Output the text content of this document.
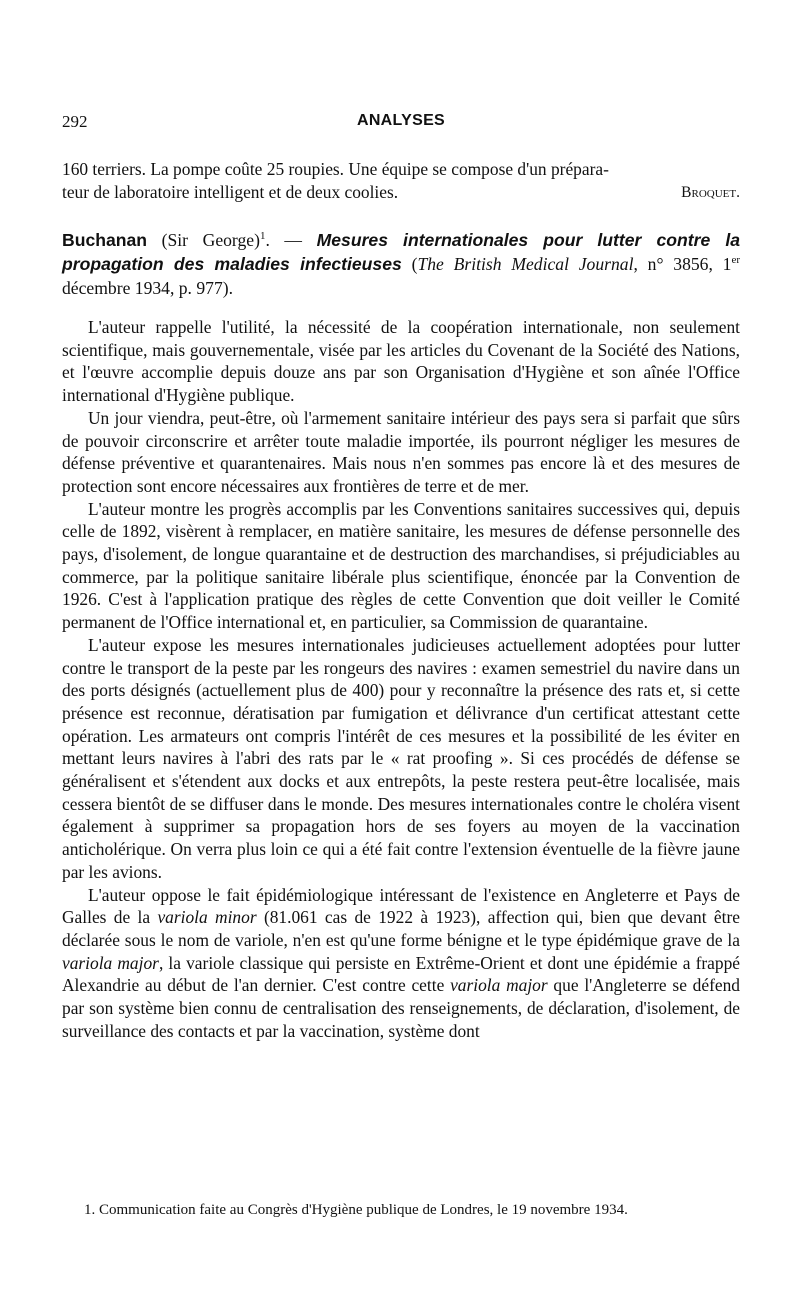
292	ANALYSES

160 terriers. La pompe coûte 25 roupies. Une équipe se compose d'un prépara-

teur de laboratoire intelligent et de deux coolies.	Broquet.

Buchanan (Sir George)$^1$. — Mesures internationales pour lutter contre la propagation des maladies infectieuses (The British Medical Journal, n° 3856, 1er décembre 1934, p. 977).

L'auteur rappelle l'utilité, la nécessité de la coopération internationale, non seulement scientifique, mais gouvernementale, visée par les articles du Covenant de la Société des Nations, et l'œuvre accomplie depuis douze ans par son Organisation d'Hygiène et son aînée l'Office international d'Hygiène publique.

Un jour viendra, peut-être, où l'armement sanitaire intérieur des pays sera si parfait que sûrs de pouvoir circonscrire et arrêter toute maladie importée, ils pourront négliger les mesures de défense préventive et quarantenaires. Mais nous n'en sommes pas encore là et des mesures de protection sont encore nécessaires aux frontières de terre et de mer.

L'auteur montre les progrès accomplis par les Conventions sanitaires successives qui, depuis celle de 1892, visèrent à remplacer, en matière sanitaire, les mesures de défense personnelle des pays, d'isolement, de longue quarantaine et de destruction des marchandises, si préjudiciables au commerce, par la politique sanitaire libérale plus scientifique, énoncée par la Convention de 1926. C'est à l'application pratique des règles de cette Convention que doit veiller le Comité permanent de l'Office international et, en particulier, sa Commission de quarantaine.

L'auteur expose les mesures internationales judicieuses actuellement adoptées pour lutter contre le transport de la peste par les rongeurs des navires : examen semestriel du navire dans un des ports désignés (actuellement plus de 400) pour y reconnaître la présence des rats et, si cette présence est reconnue, dératisation par fumigation et délivrance d'un certificat attestant cette opération. Les armateurs ont compris l'intérêt de ces mesures et la possibilité de les éviter en mettant leurs navires à l'abri des rats par le « rat proofing ». Si ces procédés de défense se généralisent et s'étendent aux docks et aux entrepôts, la peste restera peut-être localisée, mais cessera bientôt de se diffuser dans le monde. Des mesures internationales contre le choléra visent également à supprimer sa propagation hors de ses foyers au moyen de la vaccination anticholérique. On verra plus loin ce qui a été fait contre l'extension éventuelle de la fièvre jaune par les avions.

L'auteur oppose le fait épidémiologique intéressant de l'existence en Angleterre et Pays de Galles de la variola minor (81.061 cas de 1922 à 1923), affection qui, bien que devant être déclarée sous le nom de variole, n'en est qu'une forme bénigne et le type épidémique grave de la variola major, la variole classique qui persiste en Extrême-Orient et dont une épidémie a frappé Alexandrie au début de l'an dernier. C'est contre cette variola major que l'Angleterre se défend par son système bien connu de centralisation des renseignements, de déclaration, d'isolement, de surveillance des contacts et par la vaccination, système dont

1. Communication faite au Congrès d'Hygiène publique de Londres, le 19 novembre 1934.
